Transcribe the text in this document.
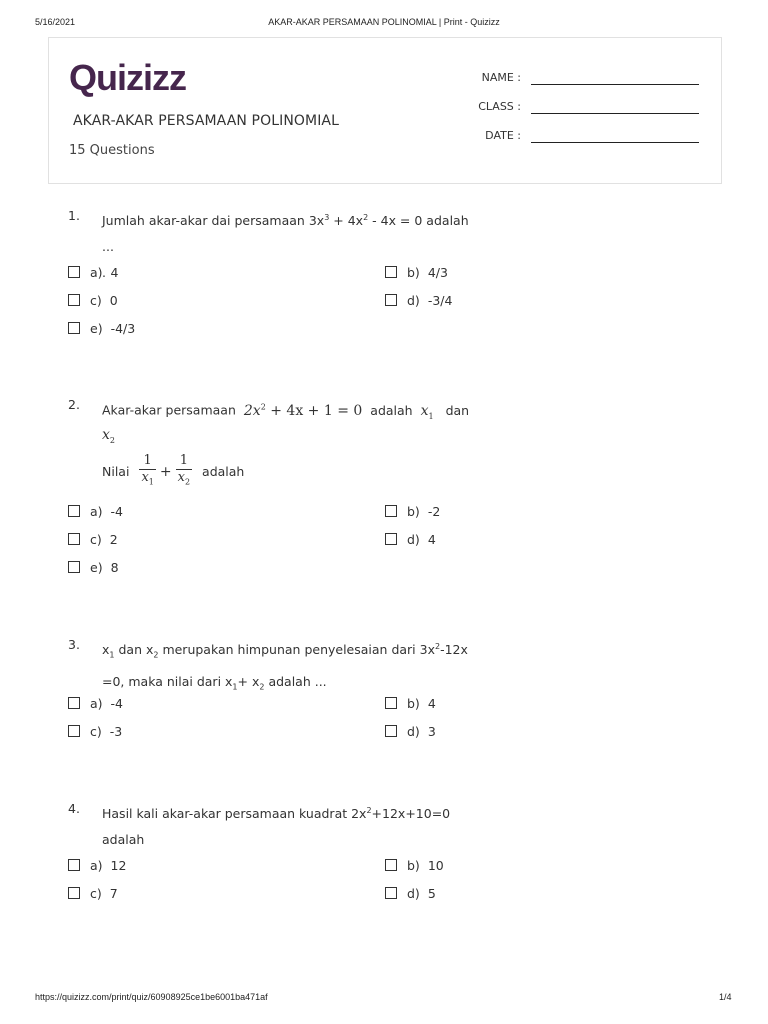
5/16/2021	AKAR-AKAR PERSAMAAN POLINOMIAL | Print - Quizizz
Quizizz
AKAR-AKAR PERSAMAAN POLINOMIAL
15 Questions
NAME :
CLASS :
DATE :
1. Jumlah akar-akar dai persamaan $3x^3 + 4x^2 - 4x = 0$ adalah ...
.
a) 4	b) 4/3
c) 0	d) -3/4
e) -4/3
2. Akar-akar persamaan $2x^2 + 4x + 1 = 0$ adalah $x_1$ dan
$x_2$
Nilai $\frac{1}{x_1} + \frac{1}{x_2}$ adalah
a) -4	b) -2
c) 2	d) 4
e) 8
3. $x_1$ dan $x_2$ merupakan himpunan penyelesaian dari $3x^2-12x$
=0, maka nilai dari $x_1+ x_2$ adalah ...
a) -4	b) 4
c) -3	d) 3
4. Hasil kali akar-akar persamaan kuadrat $2x^2+12x+10=0$
adalah
a) 12	b) 10
c) 7	d) 5
https://quizizz.com/print/quiz/60908925ce1be6001ba471af	1/4
